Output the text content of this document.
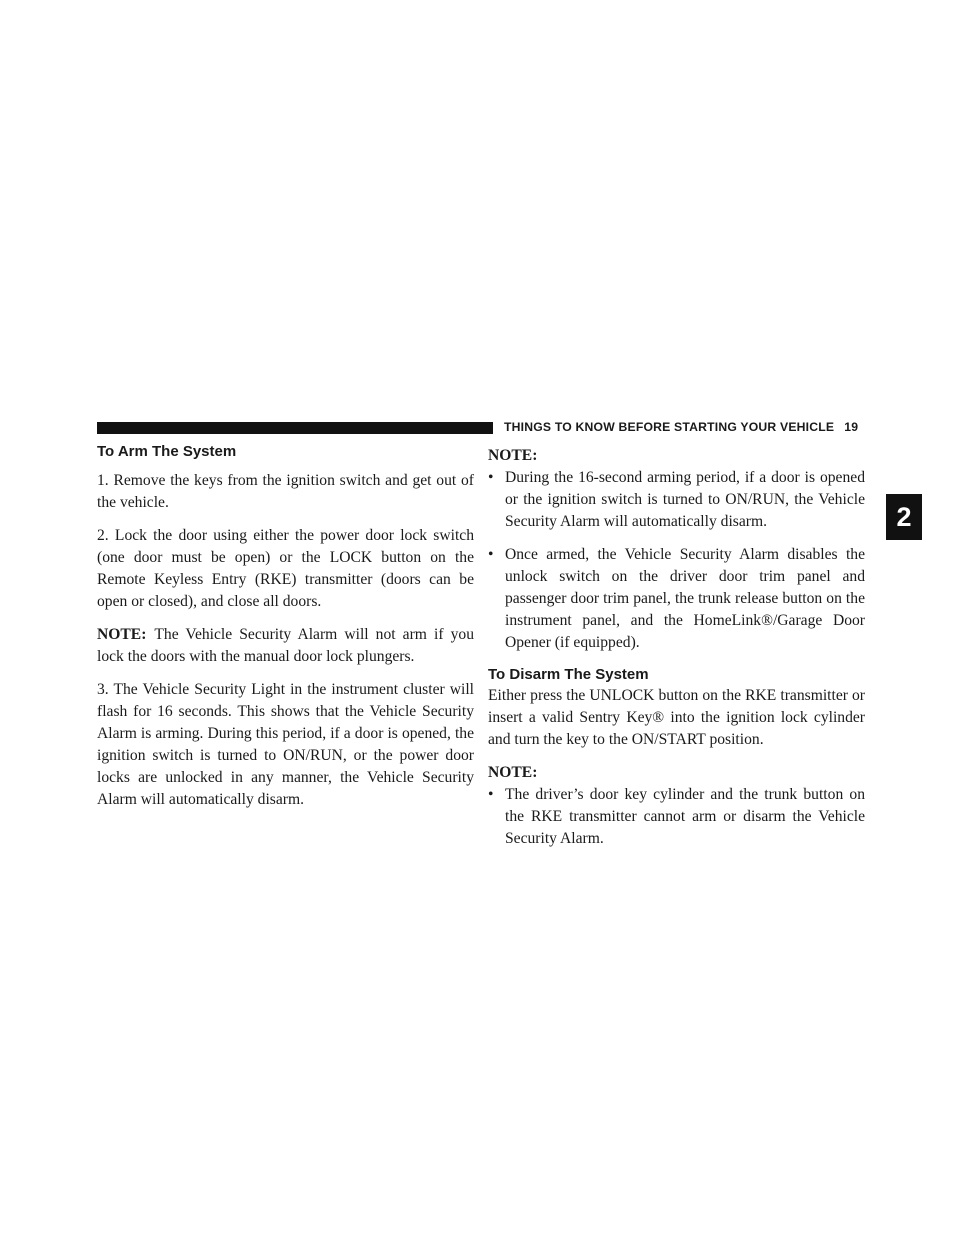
THINGS TO KNOW BEFORE STARTING YOUR VEHICLE 19
2
To Arm The System

1. Remove the keys from the ignition switch and get out of the vehicle.

2. Lock the door using either the power door lock switch (one door must be open) or the LOCK button on the Remote Keyless Entry (RKE) transmitter (doors can be open or closed), and close all doors.

NOTE: The Vehicle Security Alarm will not arm if you lock the doors with the manual door lock plungers.

3. The Vehicle Security Light in the instrument cluster will flash for 16 seconds. This shows that the Vehicle Security Alarm is arming. During this period, if a door is opened, the ignition switch is turned to ON/RUN, or the power door locks are unlocked in any manner, the Vehicle Security Alarm will automatically disarm.

NOTE:
• During the 16-second arming period, if a door is opened or the ignition switch is turned to ON/RUN, the Vehicle Security Alarm will automatically disarm.
• Once armed, the Vehicle Security Alarm disables the unlock switch on the driver door trim panel and passenger door trim panel, the trunk release button on the instrument panel, and the HomeLink®/Garage Door Opener (if equipped).
To Disarm The System

Either press the UNLOCK button on the RKE transmitter or insert a valid Sentry Key® into the ignition lock cylinder and turn the key to the ON/START position.

NOTE:
• The driver’s door key cylinder and the trunk button on the RKE transmitter cannot arm or disarm the Vehicle Security Alarm.
